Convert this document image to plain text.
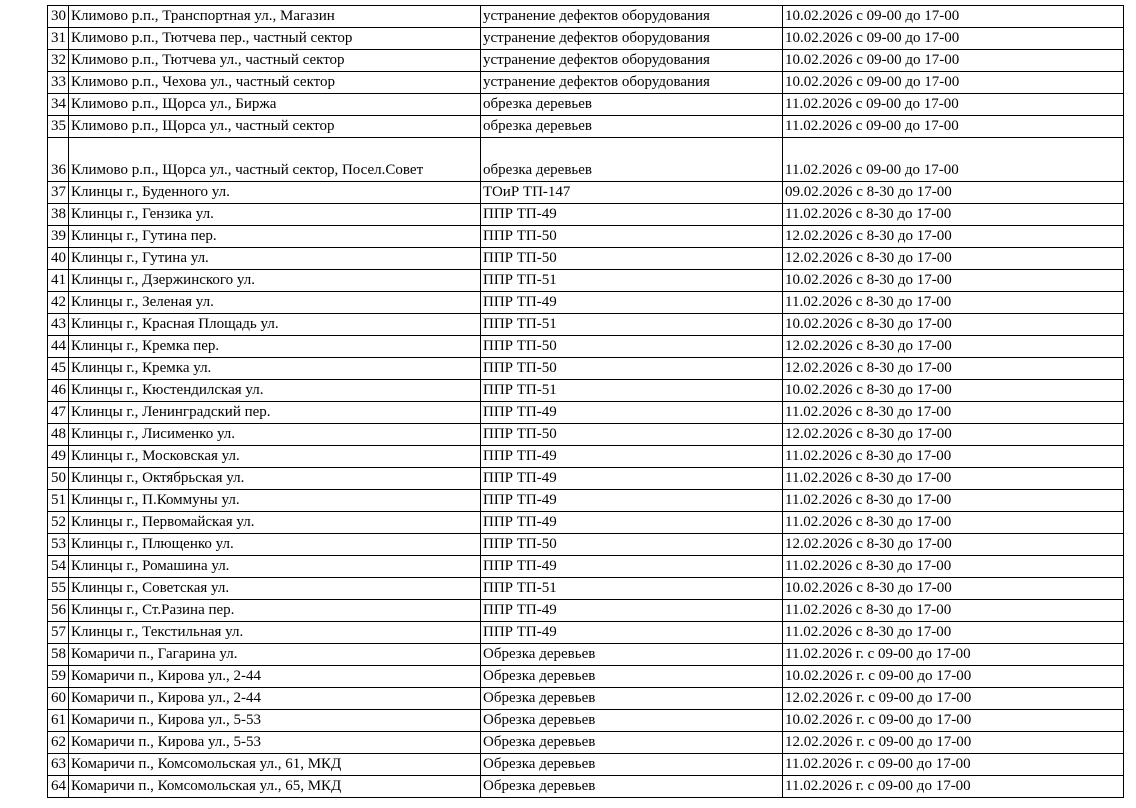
30	Климово р.п., Транспортная ул., Магазин	устранение дефектов оборудования	10.02.2026 с 09-00 до 17-00
31	Климово р.п., Тютчева пер., частный сектор	устранение дефектов оборудования	10.02.2026 с 09-00 до 17-00
32	Климово р.п., Тютчева ул., частный сектор	устранение дефектов оборудования	10.02.2026 с 09-00 до 17-00
33	Климово р.п., Чехова ул., частный сектор	устранение дефектов оборудования	10.02.2026 с 09-00 до 17-00
34	Климово р.п., Щорса ул., Биржа	обрезка деревьев	11.02.2026 с 09-00 до 17-00
35	Климово р.п., Щорса ул., частный сектор	обрезка деревьев	11.02.2026 с 09-00 до 17-00
36	Климово р.п., Щорса ул., частный сектор, Посел.Совет	обрезка деревьев	11.02.2026 с 09-00 до 17-00
37	Клинцы г., Буденного ул.	ТОиР ТП-147	09.02.2026 с 8-30 до 17-00
38	Клинцы г., Гензика ул.	ППР ТП-49	11.02.2026 с 8-30 до 17-00
39	Клинцы г., Гутина пер.	ППР ТП-50	12.02.2026 с 8-30 до 17-00
40	Клинцы г., Гутина ул.	ППР ТП-50	12.02.2026 с 8-30 до 17-00
41	Клинцы г., Дзержинского ул.	ППР ТП-51	10.02.2026 с 8-30 до 17-00
42	Клинцы г., Зеленая ул.	ППР ТП-49	11.02.2026 с 8-30 до 17-00
43	Клинцы г., Красная Площадь ул.	ППР ТП-51	10.02.2026 с 8-30 до 17-00
44	Клинцы г., Кремка пер.	ППР ТП-50	12.02.2026 с 8-30 до 17-00
45	Клинцы г., Кремка ул.	ППР ТП-50	12.02.2026 с 8-30 до 17-00
46	Клинцы г., Кюстендилская ул.	ППР ТП-51	10.02.2026 с 8-30 до 17-00
47	Клинцы г., Ленинградский пер.	ППР ТП-49	11.02.2026 с 8-30 до 17-00
48	Клинцы г., Лисименко ул.	ППР ТП-50	12.02.2026 с 8-30 до 17-00
49	Клинцы г., Московская ул.	ППР ТП-49	11.02.2026 с 8-30 до 17-00
50	Клинцы г., Октябрьская ул.	ППР ТП-49	11.02.2026 с 8-30 до 17-00
51	Клинцы г., П.Коммуны ул.	ППР ТП-49	11.02.2026 с 8-30 до 17-00
52	Клинцы г., Первомайская ул.	ППР ТП-49	11.02.2026 с 8-30 до 17-00
53	Клинцы г., Плющенко ул.	ППР ТП-50	12.02.2026 с 8-30 до 17-00
54	Клинцы г., Ромашина ул.	ППР ТП-49	11.02.2026 с 8-30 до 17-00
55	Клинцы г., Советская ул.	ППР ТП-51	10.02.2026 с 8-30 до 17-00
56	Клинцы г., Ст.Разина пер.	ППР ТП-49	11.02.2026 с 8-30 до 17-00
57	Клинцы г., Текстильная ул.	ППР ТП-49	11.02.2026 с 8-30 до 17-00
58	Комаричи п., Гагарина ул.	Обрезка деревьев	11.02.2026 г. с 09-00 до 17-00
59	Комаричи п., Кирова ул., 2-44	Обрезка деревьев	10.02.2026 г. с 09-00 до 17-00
60	Комаричи п., Кирова ул., 2-44	Обрезка деревьев	12.02.2026 г. с 09-00 до 17-00
61	Комаричи п., Кирова ул., 5-53	Обрезка деревьев	10.02.2026 г. с 09-00 до 17-00
62	Комаричи п., Кирова ул., 5-53	Обрезка деревьев	12.02.2026 г. с 09-00 до 17-00
63	Комаричи п., Комсомольская ул., 61, МКД	Обрезка деревьев	11.02.2026 г. с 09-00 до 17-00
64	Комаричи п., Комсомольская ул., 65, МКД	Обрезка деревьев	11.02.2026 г. с 09-00 до 17-00
